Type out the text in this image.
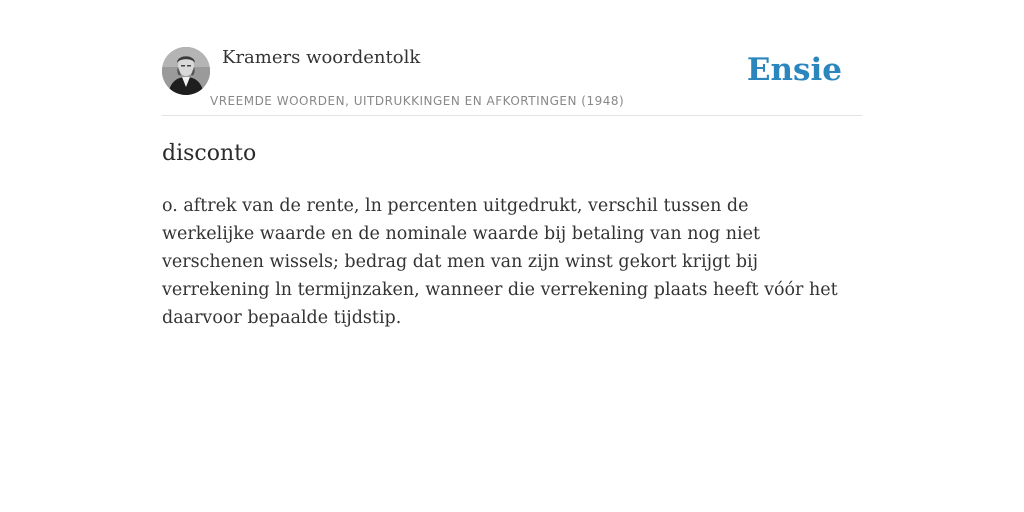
Kramers woordentolk
VREEMDE WOORDEN, UITDRUKKINGEN EN AFKORTINGEN (1948)
Ensie
disconto

o. aftrek van de rente, ln percenten uitgedrukt, verschil tussen de werkelijke waarde en de nominale waarde bij betaling van nog niet verschenen wissels; bedrag dat men van zijn winst gekort krijgt bij verrekening ln termijnzaken, wanneer die verrekening plaats heeft vóór het daarvoor bepaalde tijdstip.
